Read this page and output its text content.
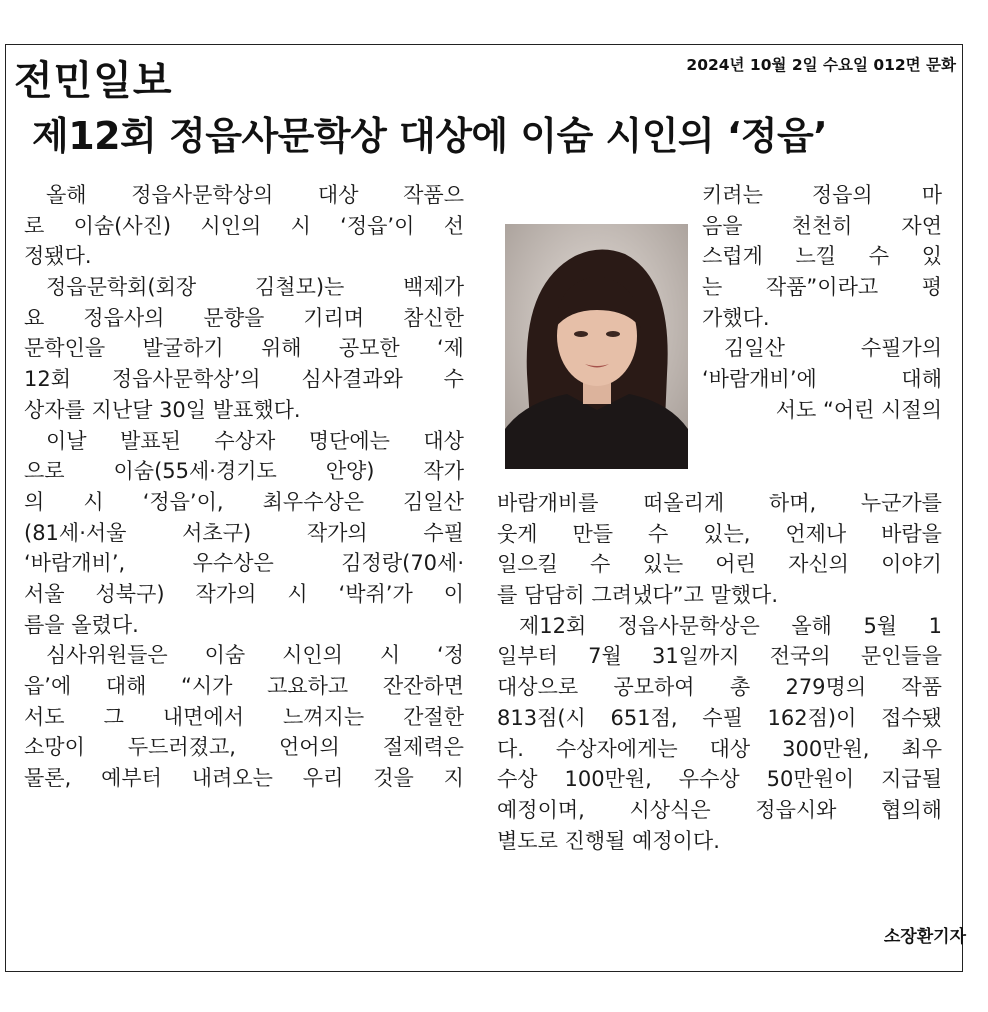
전민일보	2024년 10월 2일 수요일 012면 문화
제12회 정읍사문학상 대상에 이숨 시인의 ‘정읍’
올해 정읍사문학상의 대상 작품으
로 이숨(사진) 시인의 시 ‘정읍’이 선
정됐다.
정읍문학회(회장	김철모)는	백제가
요 정읍사의 문향을 기리며 참신한
문학인을 발굴하기 위해 공모한 ‘제
12회 정읍사문학상’의 심사결과와 수
상자를 지난달 30일 발표했다.
이날 발표된 수상자 명단에는 대상
으로 이숨(55세·경기도 안양) 작가
의 시 ‘정읍’이, 최우수상은 김일산
(81세·서울	서초구)	작가의	수필
‘바람개비’,	우수상은	김정랑(70세·
서울 성북구) 작가의 시 ‘박쥐’가 이
름을 올렸다.
심사위원들은 이숨 시인의 시 ‘정
읍’에 대해 “시가 고요하고 잔잔하면
서도 그 내면에서 느껴지는 간절한
소망이 두드러졌고, 언어의 절제력은
물론, 예부터 내려오는 우리 것을 지
키려는 정읍의 마
음을 천천히 자연
스럽게 느낄 수 있
는 작품”이라고 평
가했다.
김일산	수필가의
‘바람개비’에	대해
서도 “어린 시절의
바람개비를 떠올리게 하며, 누군가를
웃게 만들 수 있는, 언제나 바람을
일으킬 수 있는 어린 자신의 이야기
를 담담히 그려냈다”고 말했다.
제12회 정읍사문학상은 올해 5월 1
일부터 7월 31일까지 전국의 문인들을
대상으로 공모하여 총 279명의 작품
813점(시 651점, 수필 162점)이 접수됐
다. 수상자에게는 대상 300만원, 최우
수상 100만원, 우수상 50만원이 지급될
예정이며, 시상식은 정읍시와 협의해
별도로 진행될 예정이다.
소장환기자
